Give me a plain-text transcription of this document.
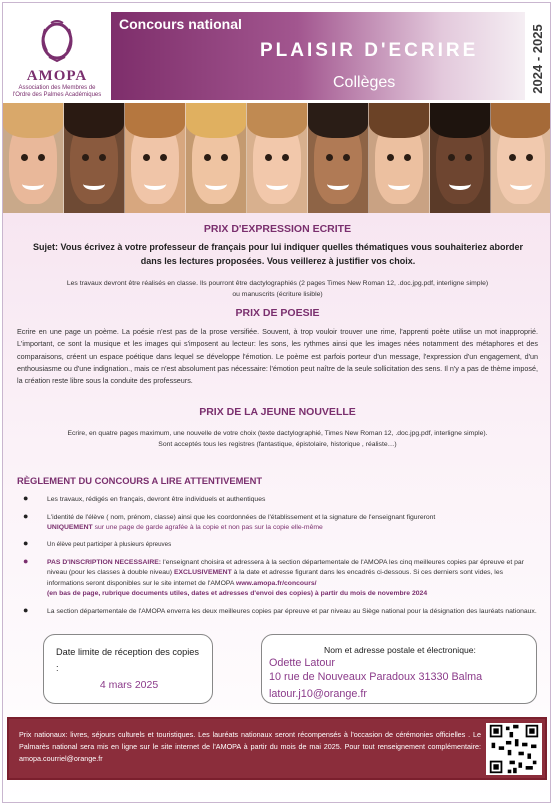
AMOPA
Association des Membres de
l'Ordre des Palmes Académiques
Concours national
PLAISIR D'ECRIRE
Collèges	2024 - 2025
PRIX D'EXPRESSION ECRITE
Sujet: Vous écrivez à votre professeur de français pour lui indiquer quelles thématiques vous souhaiteriez aborder dans les lectures proposées. Vous veillerez à justifier vos choix.
Les travaux devront être réalisés en classe. Ils pourront être dactylographiés (2 pages Times New Roman 12, .doc.jpg.pdf, interligne simple)
ou manuscrits (écriture lisible)
PRIX DE POESIE
Ecrire en une page un poème. La poésie n'est pas de la prose versifiée. Souvent, à trop vouloir trouver une rime, l'apprenti poète utilise un mot inapproprié. L'important, ce sont la musique et les images qui s'imposent au lecteur: les sons, les rythmes ainsi que les images nées notamment des métaphores et des comparaisons, créent un espace poétique dans lequel se développe l'émotion. Le poème est parfois porteur d'un message, l'expression d'un engagement, d'un enthousiasme ou d'une indignation., mais ce n'est absolument pas nécessaire: l'émotion peut naître de la seule sollicitation des sens. Il n'y a pas de thème imposé, la création reste libre sous la conduite des professeurs.
PRIX DE LA JEUNE NOUVELLE
Ecrire, en quatre pages maximum, une nouvelle de votre choix (texte dactylographié, Times New Roman 12, .doc.jpg.pdf, interligne simple).
Sont acceptés tous les registres (fantastique, épistolaire, historique , réaliste…)
RÈGLEMENT DU CONCOURS A LIRE ATTENTIVEMENT
●	Les travaux, rédigés en français, devront être individuels et authentiques
●	L'identité de l'élève ( nom, prénom, classe) ainsi que les coordonnées de l'établissement et la signature de l'enseignant figureront
UNIQUEMENT sur une page de garde agrafée à la copie et non pas sur la copie elle-même
●	Un élève peut participer à plusieurs épreuves
●	PAS D'INSCRIPTION NECESSAIRE: l'enseignant choisira et adressera à la section départementale de l'AMOPA les cinq meilleures copies par épreuve et par niveau (pour les classes à double niveau) EXCLUSIVEMENT à la date et adresse figurant dans les encadrés ci-dessous. Si ces derniers sont vides, les informations seront disponibles sur le site internet de l'AMOPA www.amopa.fr/concours/
(en bas de page, rubrique documents utiles, dates et adresses d'envoi des copies) à partir du mois de novembre 2024
●	La section départementale de l'AMOPA enverra les deux meilleures copies par épreuve et par niveau au Siège national pour la désignation des lauréats nationaux.
Date limite de réception des copies :
4 mars 2025
Nom et adresse postale et électronique:
Odette Latour
10 rue de Nouveaux Paradoux 31330 Balma
latour.j10@orange.fr
Prix nationaux: livres, séjours culturels et touristiques. Les lauréats nationaux seront récompensés à l'occasion de cérémonies officielles . Le Palmarès national sera mis en ligne sur le site internet de l'AMOPA à partir du mois de mai 2025. Pour tout renseignement complémentaire: amopa.courriel@orange.fr
